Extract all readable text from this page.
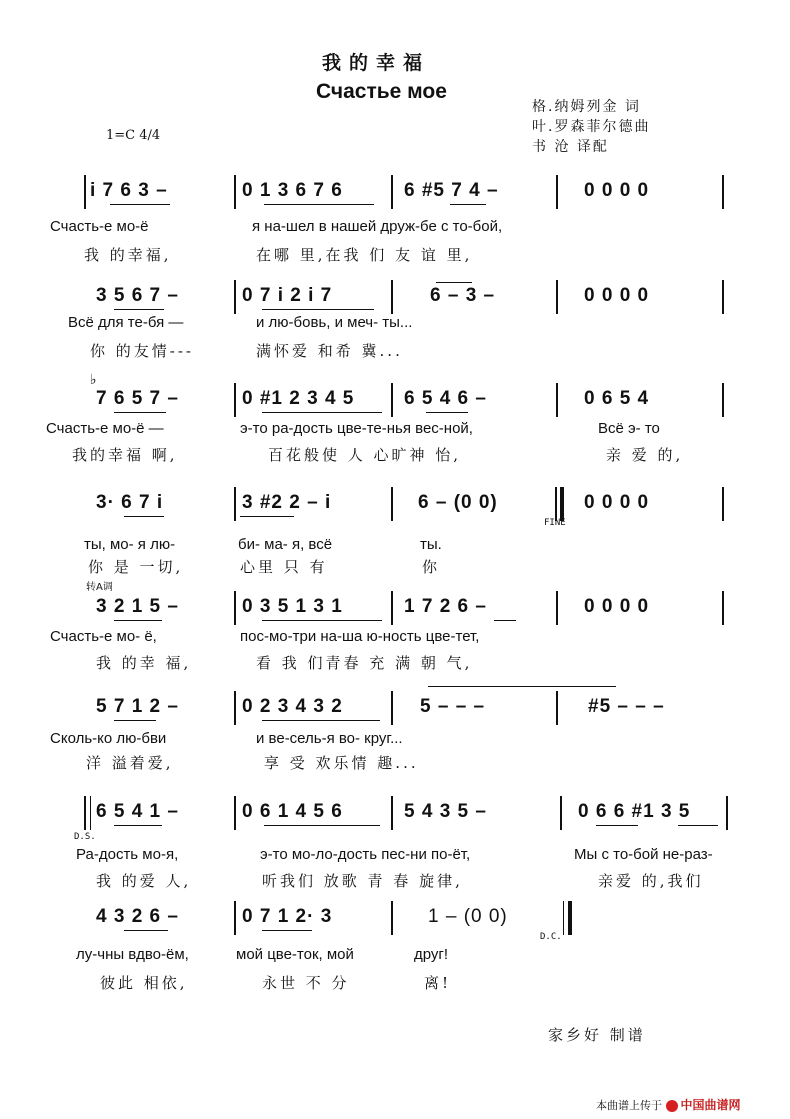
我的幸福
Счастье мое
格.纳姆列金 词
叶.罗森菲尔德曲
书 沧 译配
1=C 4/4
i 7 6 3 –	0 1 3 6 7 6	6 #5 7 4 –	0 0 0 0
Счасть-е мо-ё	я на-шел в нашей друж-бе с то-бой,
我 的幸福,	在哪 里,在我 们 友 谊 里,
3 5 6 7 –	0 7 i 2 i 7	6 – 3 –	0 0 0 0
Всё для те-бя —	и лю-бовь, и меч- ты...
你 的友情---	满怀爱 和希 冀...
♭
7 6 5 7 –	0 #1 2 3 4 5	6 5 4 6 –	0 6 5 4
Счасть-е мо-ё —	э-то ра-дость цве-те-нья вес-ной,	Всё э- то
我的幸福 啊,	百花般使 人 心旷神 怡,	亲 爱 的,
3· 6 7 i	3 #2 2 – i	6 – (0 0)	0 0 0 0
FINE
ты, мо- я лю-	би- ма- я, всё	ты.
你 是 一切,	心里 只 有	你
转A调
3 2 1 5 –	0 3 5 1 3 1	1 7 2 6 –	0 0 0 0
Счасть-е мо- ё,	пос-мо-три на-ша ю-ность цве-тет,
我 的幸 福,	看 我 们青春 充 满 朝 气,
5 7 1 2 –	0 2 3 4 3 2	5 – – –	#5 – – –
Сколь-ко лю-бви	и ве-сель-я во- круг...
洋 溢着爱,	享 受 欢乐情 趣...
6 5 4 1 –	0 6 1 4 5 6	5 4 3 5 –	0 6 6 #1 3 5
D.S.
Ра-дость мо-я,	э-то мо-ло-дость пес-ни по-ёт,	Мы с то-бой не-раз-
我 的爱 人,	听我们 放歌 青 春 旋律,	亲爱 的,我们
4 3 2 6 –	0 7 1 2· 3	1 – (0 0)
D.C.
лу-чны вдво-ём,	мой цве-ток, мой	друг!
彼此 相依,	永世 不 分	离!
家乡好 制谱
本曲谱上传于 中国曲谱网
